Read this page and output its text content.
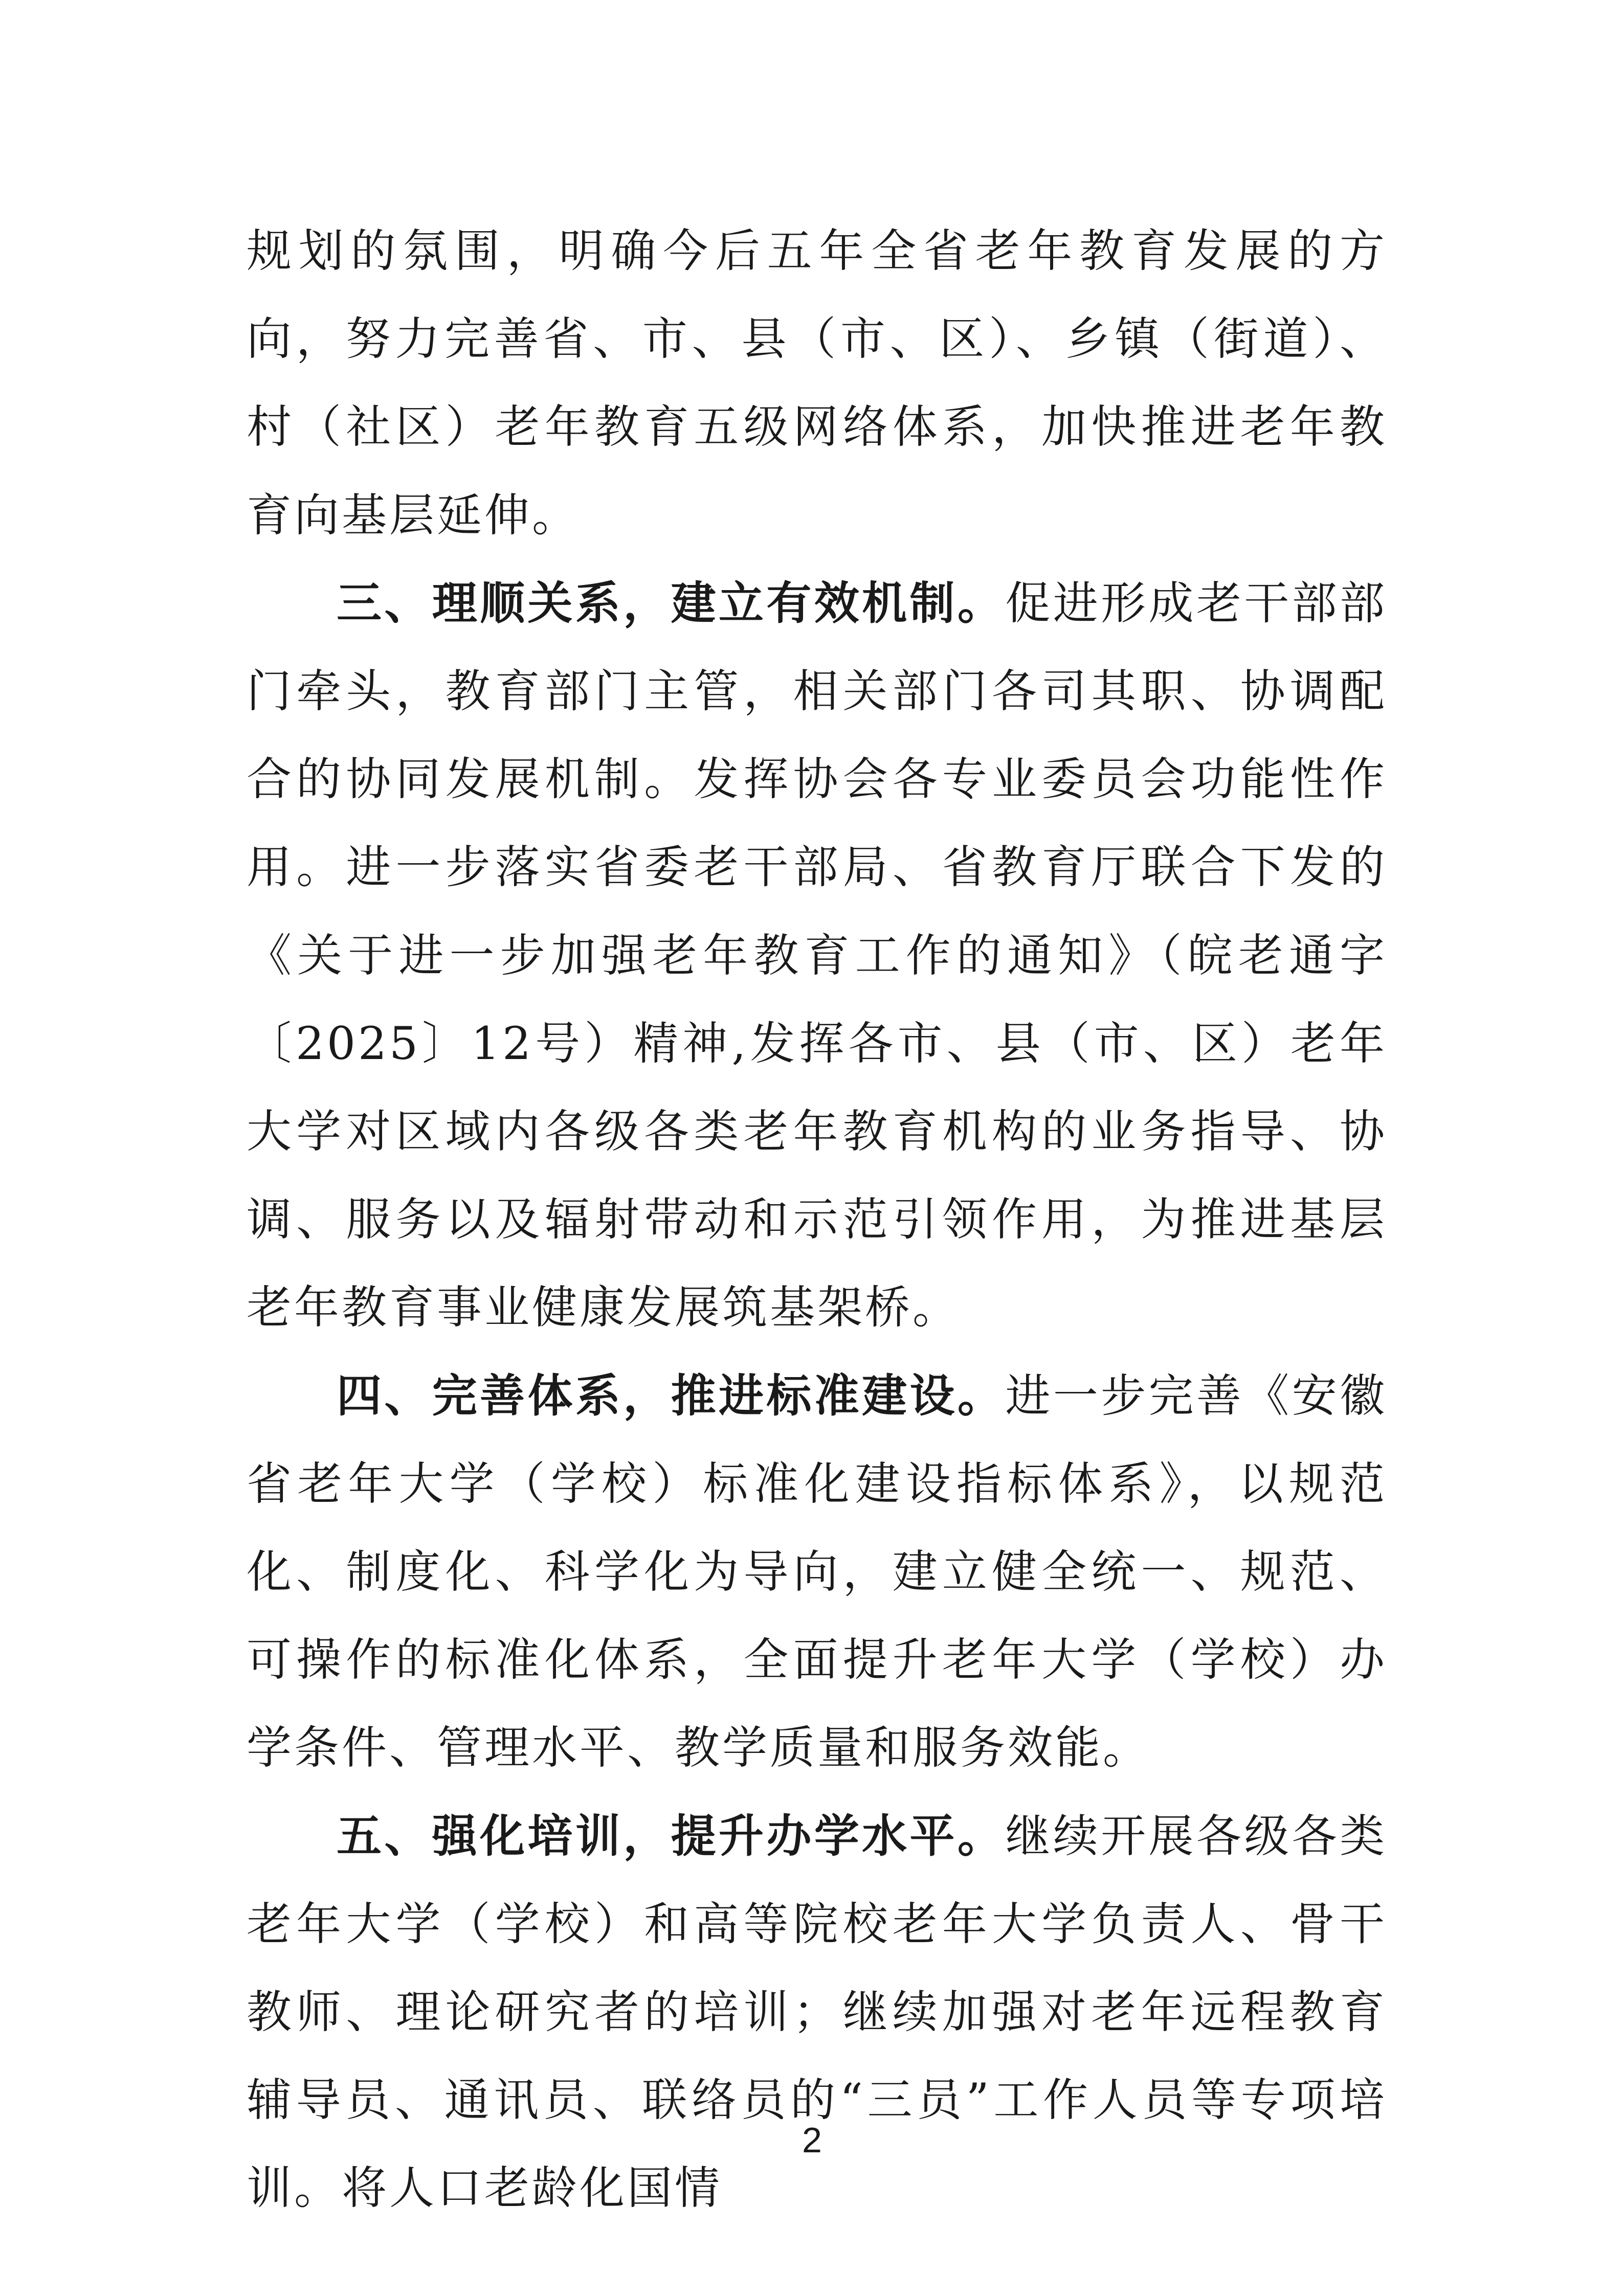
规划的氛围，明确今后五年全省老年教育发展的方向，努力完善省、市、县（市、区）、乡镇（街道）、村（社区）老年教育五级网络体系，加快推进老年教育向基层延伸。

三、理顺关系，建立有效机制。促进形成老干部部门牵头，教育部门主管，相关部门各司其职、协调配合的协同发展机制。发挥协会各专业委员会功能性作用。进一步落实省委老干部局、省教育厅联合下发的《关于进一步加强老年教育工作的通知》（皖老通字〔2025〕12号）精神,发挥各市、县（市、区）老年大学对区域内各级各类老年教育机构的业务指导、协调、服务以及辐射带动和示范引领作用，为推进基层老年教育事业健康发展筑基架桥。

四、完善体系，推进标准建设。进一步完善《安徽省老年大学（学校）标准化建设指标体系》，以规范化、制度化、科学化为导向，建立健全统一、规范、可操作的标准化体系，全面提升老年大学（学校）办学条件、管理水平、教学质量和服务效能。

五、强化培训，提升办学水平。继续开展各级各类老年大学（学校）和高等院校老年大学负责人、骨干教师、理论研究者的培训；继续加强对老年远程教育辅导员、通讯员、联络员的“三员”工作人员等专项培训。将人口老龄化国情

2
